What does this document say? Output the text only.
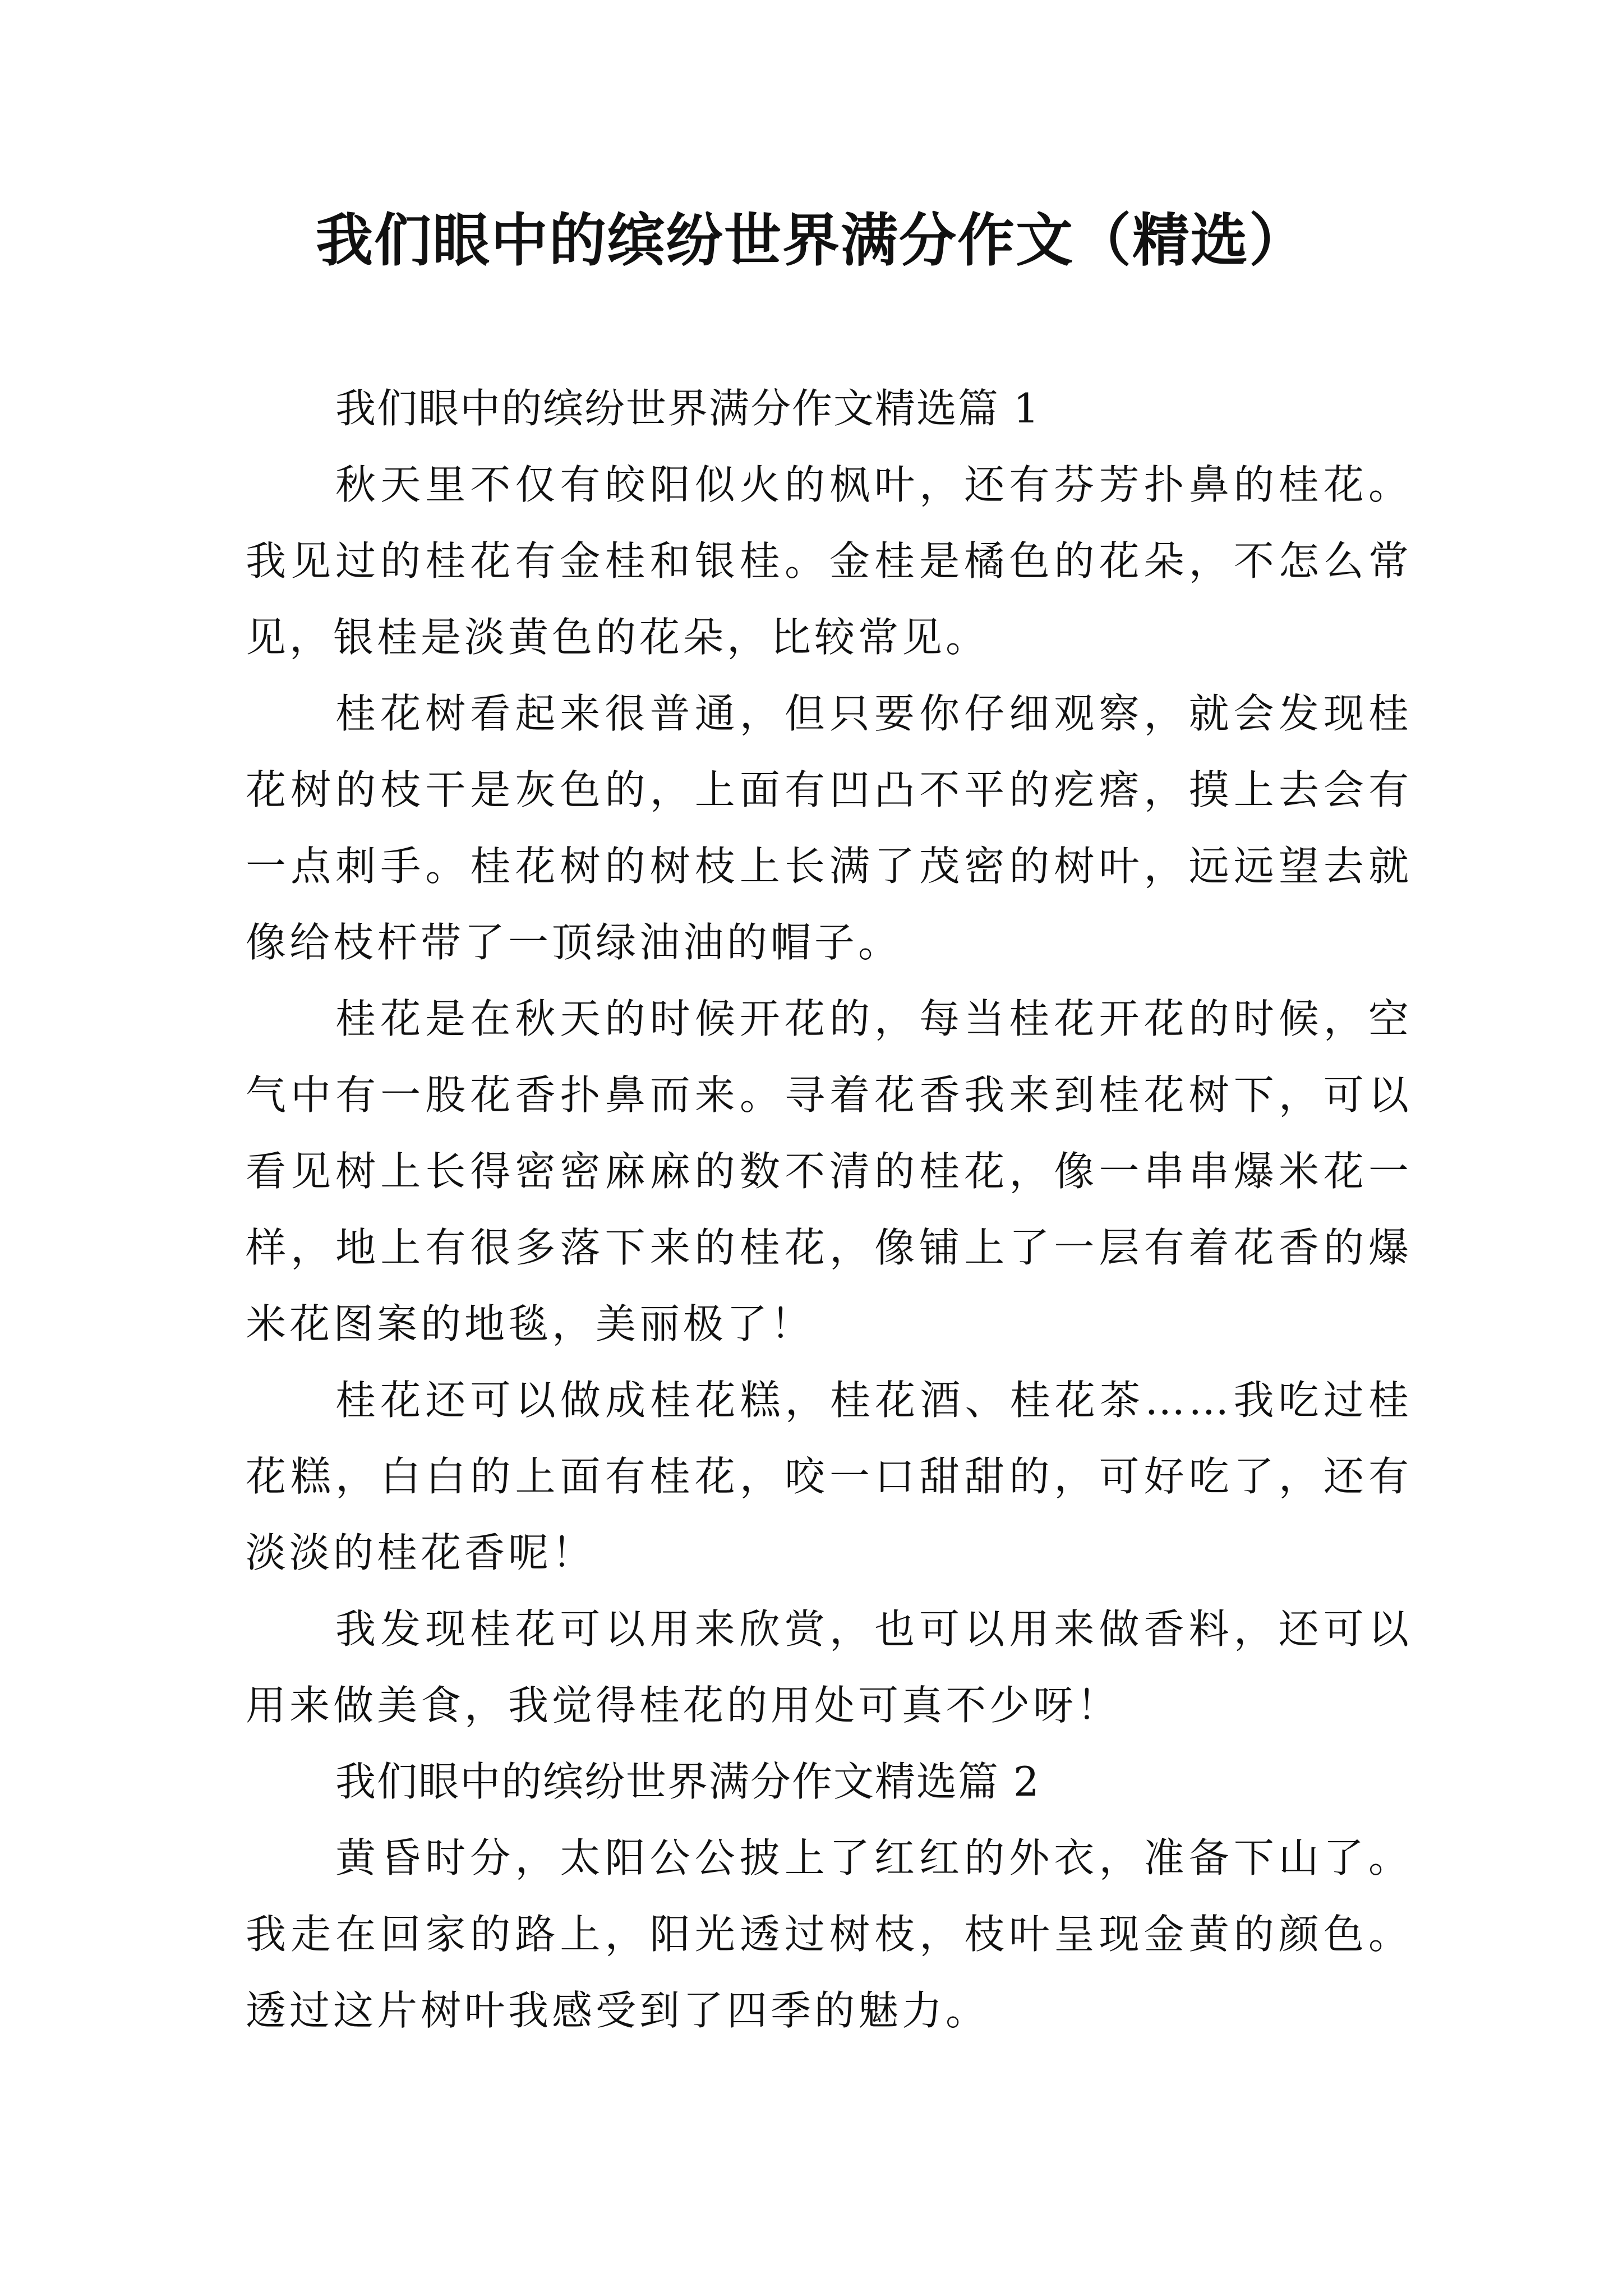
我们眼中的缤纷世界满分作文（精选）

我们眼中的缤纷世界满分作文精选篇 1

秋天里不仅有皎阳似火的枫叶，还有芬芳扑鼻的桂花。我见过的桂花有金桂和银桂。金桂是橘色的花朵，不怎么常见，银桂是淡黄色的花朵，比较常见。

桂花树看起来很普通，但只要你仔细观察，就会发现桂花树的枝干是灰色的，上面有凹凸不平的疙瘩，摸上去会有一点刺手。桂花树的树枝上长满了茂密的树叶，远远望去就像给枝杆带了一顶绿油油的帽子。

桂花是在秋天的时候开花的，每当桂花开花的时候，空气中有一股花香扑鼻而来。寻着花香我来到桂花树下，可以看见树上长得密密麻麻的数不清的桂花，像一串串爆米花一样，地上有很多落下来的桂花，像铺上了一层有着花香的爆米花图案的地毯，美丽极了！

桂花还可以做成桂花糕，桂花酒、桂花茶……我吃过桂花糕，白白的上面有桂花，咬一口甜甜的，可好吃了，还有淡淡的桂花香呢！

我发现桂花可以用来欣赏，也可以用来做香料，还可以用来做美食，我觉得桂花的用处可真不少呀！

我们眼中的缤纷世界满分作文精选篇 2

黄昏时分，太阳公公披上了红红的外衣，准备下山了。我走在回家的路上，阳光透过树枝，枝叶呈现金黄的颜色。透过这片树叶我感受到了四季的魅力。
